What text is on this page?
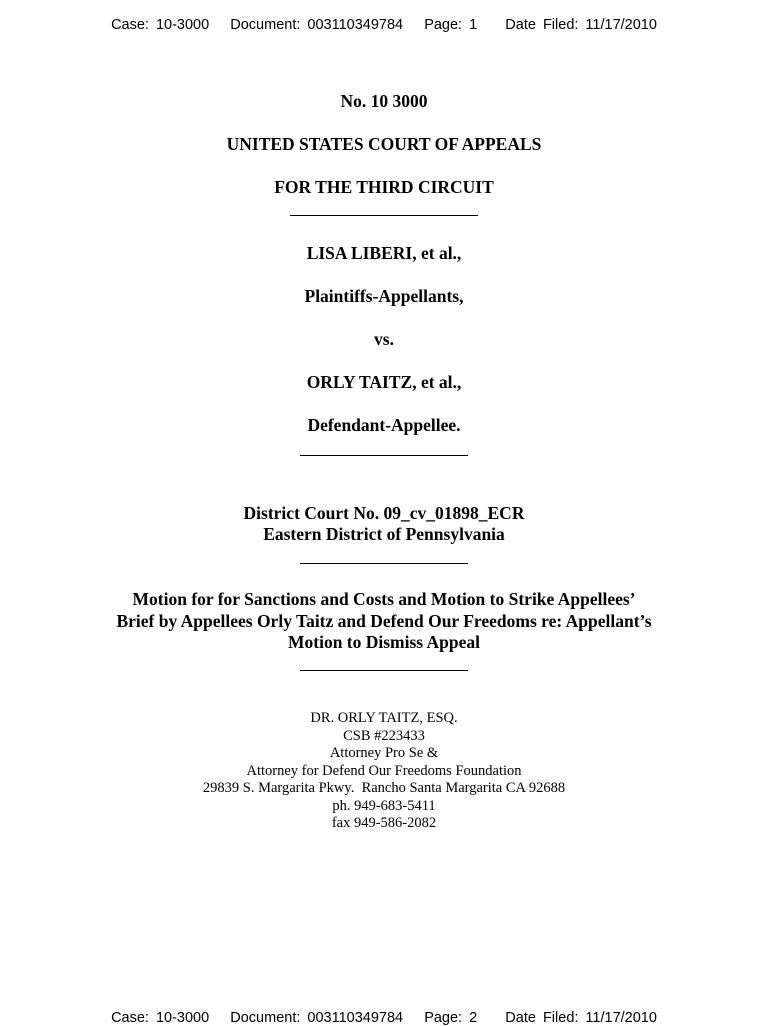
Case: 10-3000   Document: 003110349784   Page: 1    Date Filed: 11/17/2010
No. 10 3000
UNITED STATES COURT OF APPEALS
FOR THE THIRD CIRCUIT
LISA LIBERI, et al.,
Plaintiffs-Appellants,
vs.
ORLY TAITZ, et al.,
Defendant-Appellee.
District Court No. 09_cv_01898_ECR
Eastern District of Pennsylvania
Motion for for Sanctions and Costs and Motion to Strike Appellees’
Brief by Appellees Orly Taitz and Defend Our Freedoms re: Appellant’s
Motion to Dismiss Appeal
DR. ORLY TAITZ, ESQ.
CSB #223433
Attorney Pro Se &
Attorney for Defend Our Freedoms Foundation
29839 S. Margarita Pkwy.  Rancho Santa Margarita CA 92688
ph. 949-683-5411
fax 949-586-2082
Case: 10-3000   Document: 003110349784   Page: 2    Date Filed: 11/17/2010
